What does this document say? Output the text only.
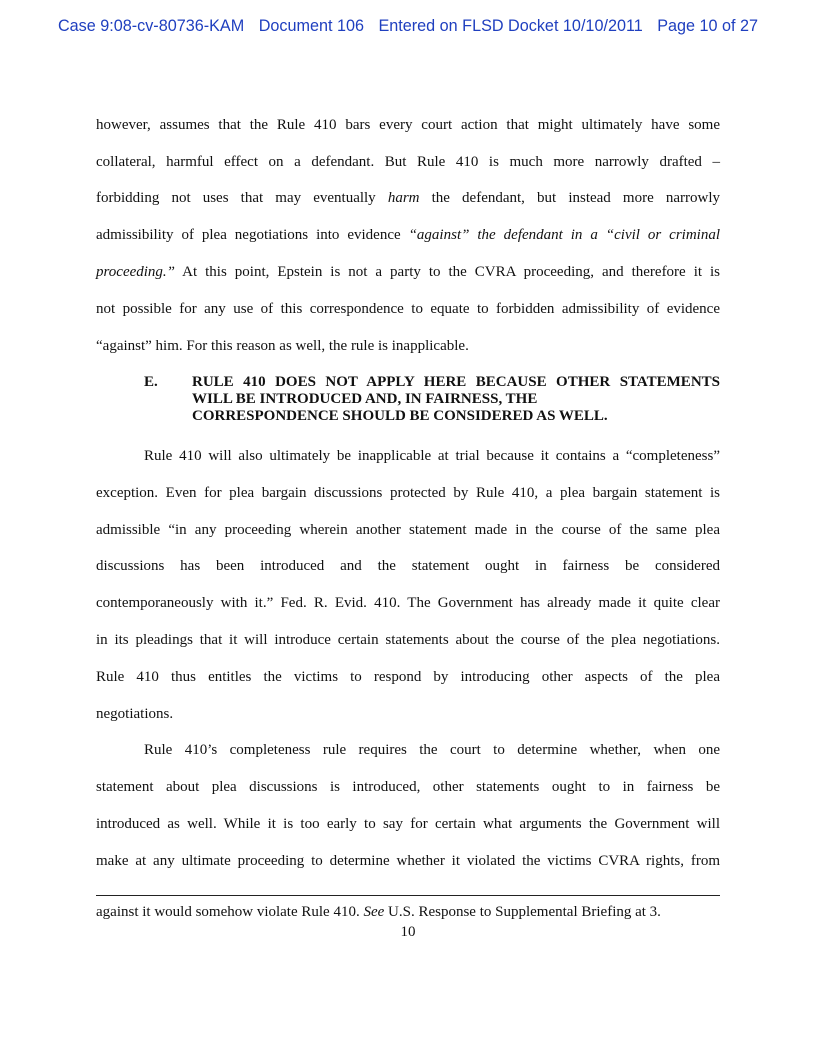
Case 9:08-cv-80736-KAM Document 106 Entered on FLSD Docket 10/10/2011 Page 10 of 27
however, assumes that the Rule 410 bars every court action that might ultimately have some
collateral, harmful effect on a defendant. But Rule 410 is much more narrowly drafted –
forbidding not uses that may eventually harm the defendant, but instead more narrowly
admissibility of plea negotiations into evidence “against” the defendant in a “civil or criminal
proceeding.” At this point, Epstein is not a party to the CVRA proceeding, and therefore it is
not possible for any use of this correspondence to equate to forbidden admissibility of evidence
“against” him. For this reason as well, the rule is inapplicable.
E. RULE 410 DOES NOT APPLY HERE BECAUSE OTHER STATEMENTS
WILL BE INTRODUCED AND, IN FAIRNESS, THE
CORRESPONDENCE SHOULD BE CONSIDERED AS WELL.
Rule 410 will also ultimately be inapplicable at trial because it contains a “completeness”
exception. Even for plea bargain discussions protected by Rule 410, a plea bargain statement is
admissible “in any proceeding wherein another statement made in the course of the same plea
discussions has been introduced and the statement ought in fairness be considered
contemporaneously with it.” Fed. R. Evid. 410. The Government has already made it quite clear
in its pleadings that it will introduce certain statements about the course of the plea negotiations.
Rule 410 thus entitles the victims to respond by introducing other aspects of the plea
negotiations.
Rule 410’s completeness rule requires the court to determine whether, when one
statement about plea discussions is introduced, other statements ought to in fairness be
introduced as well. While it is too early to say for certain what arguments the Government will
make at any ultimate proceeding to determine whether it violated the victims CVRA rights, from
against it would somehow violate Rule 410. See U.S. Response to Supplemental Briefing at 3.
10
